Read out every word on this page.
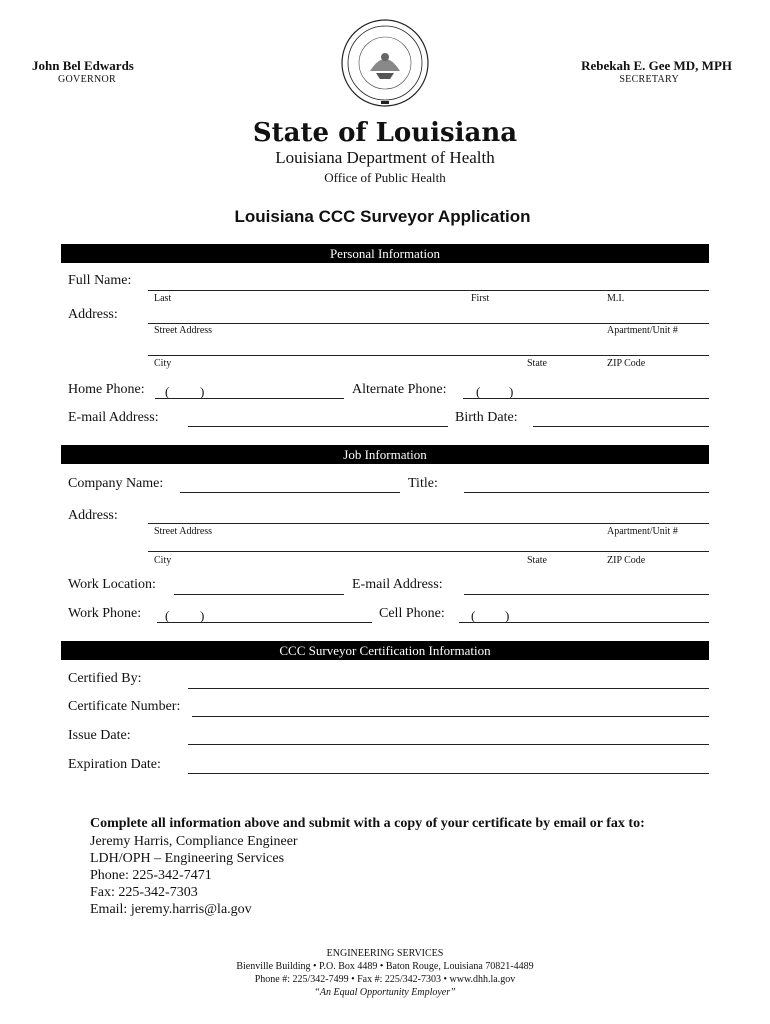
John Bel Edwards
GOVERNOR
Rebekah E. Gee MD, MPH
SECRETARY
State of Louisiana
Louisiana Department of Health
Office of Public Health
Louisiana CCC Surveyor Application
Personal Information
Full Name:
Last	First	M.I.
Address:
Street Address	Apartment/Unit #
City	State	ZIP Code
Home Phone: ( )	Alternate Phone: ( )
E-mail Address:	Birth Date:
Job Information
Company Name:	Title:
Address:
Street Address	Apartment/Unit #
City	State	ZIP Code
Work Location:	E-mail Address:
Work Phone: ( )	Cell Phone: ( )
CCC Surveyor Certification Information
Certified By:
Certificate Number:
Issue Date:
Expiration Date:
Complete all information above and submit with a copy of your certificate by email or fax to:
Jeremy Harris, Compliance Engineer
LDH/OPH – Engineering Services
Phone: 225-342-7471
Fax: 225-342-7303
Email: jeremy.harris@la.gov
ENGINEERING SERVICES
Bienville Building • P.O. Box 4489 • Baton Rouge, Louisiana 70821-4489
Phone #: 225/342-7499 • Fax #: 225/342-7303 • www.dhh.la.gov
“An Equal Opportunity Employer”
